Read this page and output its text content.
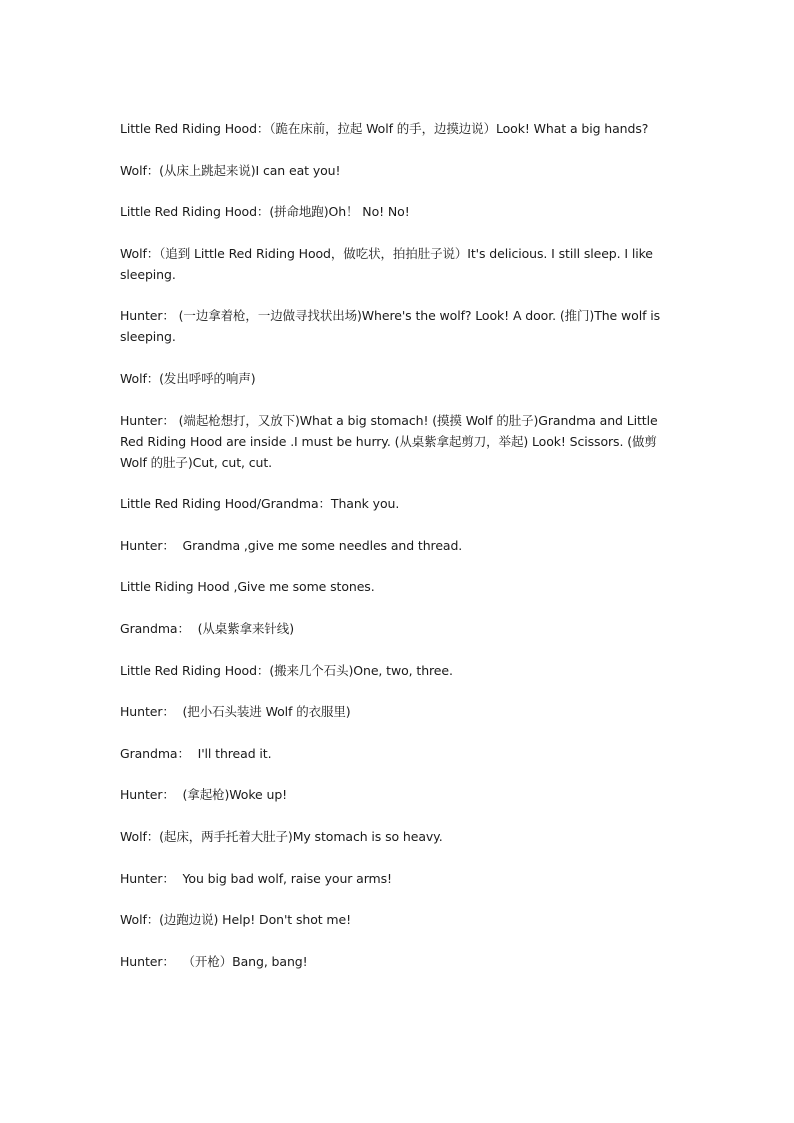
Little Red Riding Hood：（跪在床前，拉起 Wolf 的手，边摸边说）Look! What a big hands?

Wolf：(从床上跳起来说)I can eat you!

Little Red Riding Hood：(拼命地跑)Oh！ No! No!

Wolf：（追到 Little Red Riding Hood，做吃状，拍拍肚子说）It's delicious. I still sleep. I like sleeping.

Hunter： (一边拿着枪，一边做寻找状出场)Where's the wolf? Look! A door. (推门)The wolf is sleeping.

Wolf：(发出呼呼的响声)

Hunter： (端起枪想打，又放下)What a big stomach! (摸摸 Wolf 的肚子)Grandma and Little Red Riding Hood are inside .I must be hurry. (从桌紫拿起剪刀，举起) Look! Scissors. (做剪 Wolf 的肚子)Cut, cut, cut.

Little Red Riding Hood/Grandma：Thank you.

Hunter：  Grandma ,give me some needles and thread.

Little Riding Hood ,Give me some stones.

Grandma：  (从桌紫拿来针线)

Little Red Riding Hood：(搬来几个石头)One, two, three.

Hunter：  (把小石头装进 Wolf 的衣服里)

Grandma：  I'll thread it.

Hunter：  (拿起枪)Woke up!

Wolf：(起床，两手托着大肚子)My stomach is so heavy.

Hunter：  You big bad wolf, raise your arms!

Wolf：(边跑边说) Help! Don't shot me!

Hunter：  （开枪）Bang, bang!
